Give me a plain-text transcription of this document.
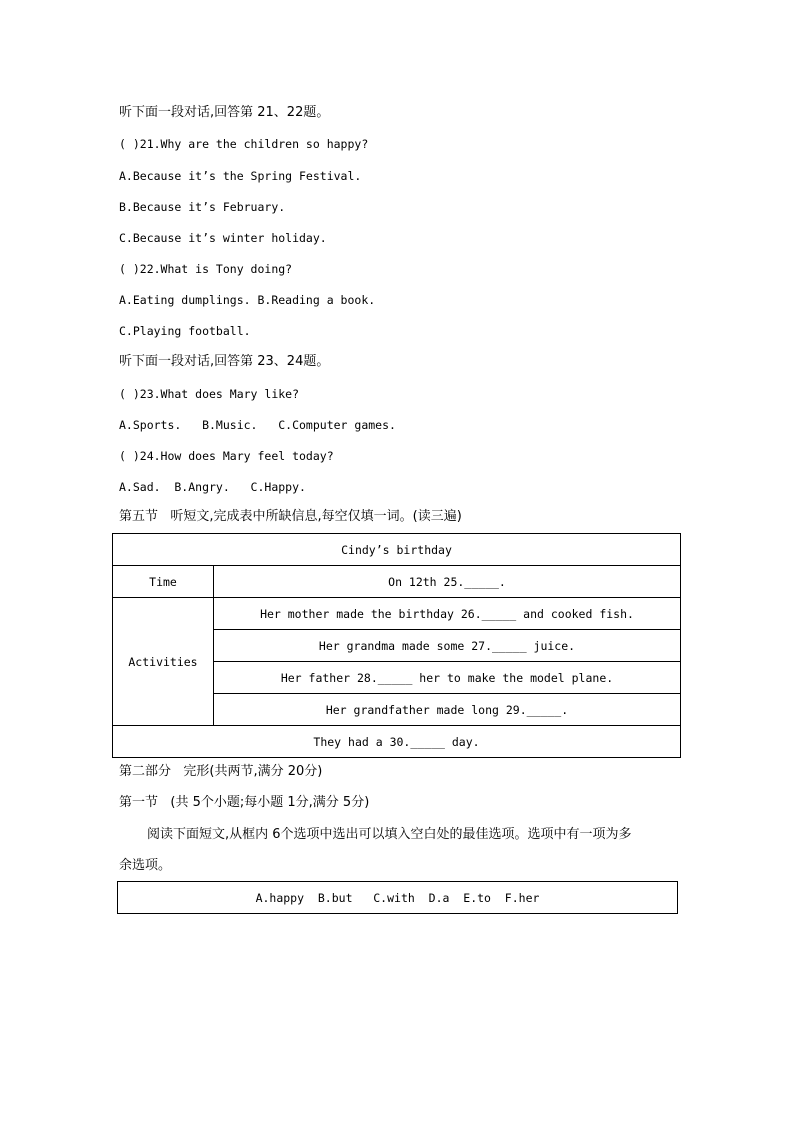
听下面一段对话,回答第 21、22题。
( )21.Why are the children so happy?
A.Because it’s the Spring Festival.
B.Because it’s February.
C.Because it’s winter holiday.
( )22.What is Tony doing?
A.Eating dumplings. B.Reading a book.
C.Playing football.
听下面一段对话,回答第 23、24题。
( )23.What does Mary like?
A.Sports.   B.Music.   C.Computer games.
( )24.How does Mary feel today?
A.Sad.  B.Angry.   C.Happy.
第五节   听短文,完成表中所缺信息,每空仅填一词。(读三遍)
Cindy’s birthday	
Time	On 12th 25._____.
Activities	Her mother made the birthday 26._____ and cooked fish.
	Her grandma made some 27._____ juice.
	Her father 28._____ her to make the model plane.
	Her grandfather made long 29._____.
They had a 30._____ day.	
第二部分   完形(共两节,满分 20分)
第一节   (共 5个小题;每小题 1分,满分 5分)
阅读下面短文,从框内 6个选项中选出可以填入空白处的最佳选项。选项中有一项为多
余选项。
A.happy  B.but   C.with  D.a  E.to  F.her
